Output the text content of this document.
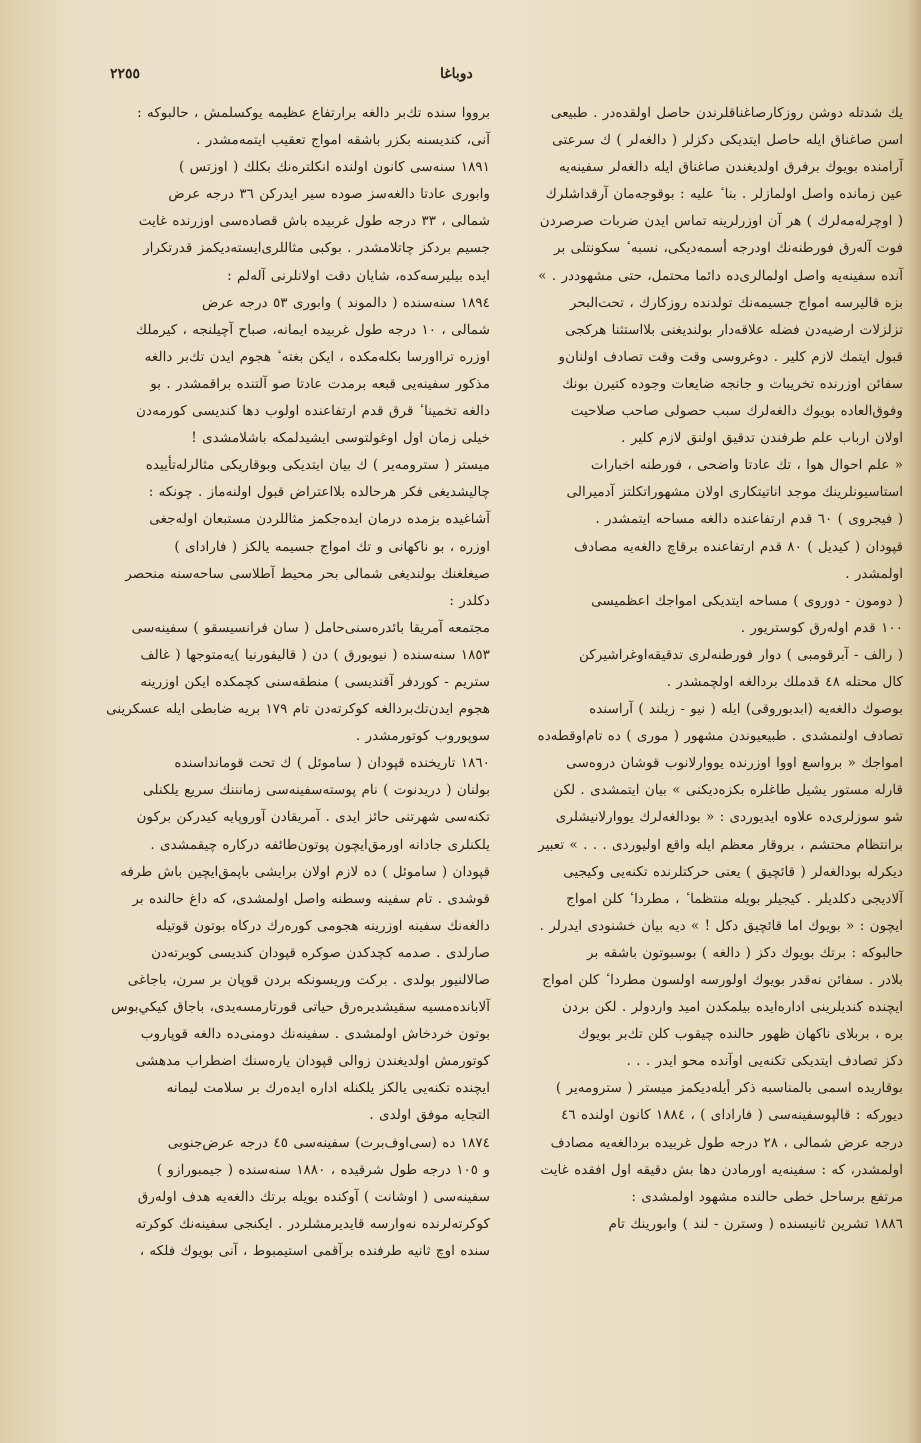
٢٢٥٥	دوباغا

يك شدتله دوشن روزكارصاغناقلرندن حاصل اولقدەدر . طبيعى

اسن صاغناق ايله حاصل ايتديكى دكزلر ( دالغەلر ) ك سرعتى

آرامنده بويوك برفرق اولديغندن صاغناق ايله دالغەلر سفينەيه

عين زمانده واصل اولمازلر . بنا ٔ عليه : بوقوجەمان آرقداشلرك

( اوچرلەمەلرك ) هر آن اوزرلرينه تماس ايدن ضربات صرصردن

فوت آلەرق فورطنەنك اودرجه أسمەديكى، نسبه ٔ سكونتلى بر

آنده سفينەيه واصل اولمالرى‌دە دائما محتمل، حتى مشهوددر . »

بزه قالیرسه امواج جسيمەنك تولدنده روزكارك ، تحت‌البحر

تزلزلات ارضيەدن فضله علاقەدار بولنديغنى بلااستثنا هركجى

قبول ايتمك لازم كلير . دوغروسى وقت وقت تصادف اولنان‌و

سفائن اوزرنده تخريبات و جانجه ضايعات وجوده كتيرن بونك

وفوق‌العاده بويوك دالغەلرك سبب حصولى صاحب صلاحيت

اولان ارباب علم طرفندن تدقيق اولنق لازم كلير .

« علم احوال هوا ، تك عادتا واضحى ، فورطنه اخبارات

استاسيونلرينك موجد اناتيتكارى اولان مشهوراتكلتز آدميرالى

( فيجروى ) ٦٠ قدم ارتفاعنده دالغه مساحه ايتمشدر .

قپودان ( كيديل ) ٨٠ قدم ارتفاعنده برقاچ دالغەيه مصادف

اولمشدر .

( دومون - دوروى ) مساحه ايتديكى امواجك اعظميسى

١٠٠ قدم اولەرق كوستريور .

( رالف - آبرقومبى ) دوار فورطنەلرى تدقيقەاوغراشيركن

كال محتله ٤٨ قدملك بردالغه اولچمشدر .

بوصوك دالغەيه (ابدبوروقى) ايله ( نيو - زيلند ) آراسنده

تصادف اولنمشدى . طبيعيوندن مشهور ( مورى ) ده تام‌اوقطەده

امواجك « برواسع اووا اوزرنده يووارلانوب قوشان دروەسى

قارله مستور يشيل طاغلره بكزەديكنى » بيان ايتمشدى . لكن

شو سوزلرى‌ده علاوه ايديوردى : « بودالغەلرك يووارلانيشلرى

برانتظام محتشم ، بروقار معظم ايله واقع اوليوردى . . . » تعبير

ديكرله بودالغەلر ( قائچيق ) يعنى حركتلرنده تكنەيى وكيجيى

آلاديجى دكلديلر . كيجيلر بويله منتظما ٔ ، مطردا ٔ كلن امواج

ايچون : « بويوك اما قائچيق دكل ! » ديه بيان خشنودى ايدرلر .

حالبوكه : برتك بويوك دكز ( دالغه ) بوسبوتون باشقه بر

بلادر . سفائن نەقدر بويوك اولورسه اولسون مطردا ٔ كلن امواج

ايچنده كنديلرينى ادارەايده بيلمكدن اميد واردولر . لكن بردن

بره ، بربلاى ناكهان ظهور حالنده چيقوب كلن تك‌بر بويوك

دكز تصادف ايتديكى تكنەيى اوآنده محو ايدر . . .

بوقاريده اسمى بالمناسبه ذكر أيلەديكمز ميستر ( سترومه‌ير )

ديوركه : قالپوسفينەسى ( فارادای ) ، ١٨٨٤ كانون اولنده ٤٦

درجه عرض شمالى ، ٢٨ درجه طول غربيده بردالغەيه مصادف

اولمشدر، كه : سفينەيه اورمادن دها بش دقيقه اول افقده غايت

مرتفع برساحل خطى حالنده مشهود اولمشدى :

١٨٨٦ تشرين ثانيسنده ( وسترن - لند ) وابورينك تام

برووا سنده تك‌بر دالغه برارتفاع عظيمه يوكسلمش ، حالبوكه :

آنى، كنديسنه بكزر باشقه امواج تعقيب ايتمەمشدر .

١٨٩١ سنەسى كانون اولنده انكلترەنك بكلك ( اوزتس )

وابورى عادتا دالغەسز صودە سير ايدركن ٣٦ درجه عرض

شمالى ، ٣٣ درجه طول غربيده باش قصادەسى اوزرنده غايت

جسيم بردكز چاتلامشدر . بوكبى مثاللرى‌ايستەديكمز قدرتكرار

ايده بيليرسەكده، شايان دقت اولانلرنى آلەلم :

١٨٩٤ سنەسنده ( دالموند ) وابورى ٥٣ درجه عرض

شمالى ، ١٠ درجه طول غربيده‌ ايمانه، صباح آچيلنجه ، كيرملك

اوزره ترااورسا بكلەمكده ، ايكن بغته ٔ هجوم ايدن تك‌بر دالغه

مذكور سفينەيى قبعه برمدت عادتا صو آلتنده براقمشدر . بو

دالغه تخمينا ٔ قرق قدم ارتفاعنده اولوب دها كنديسى كورمەدن

خيلى زمان اول اوغولتوسى ايشيدلمكه باشلامشدى !

ميستر ( سترومه‌ير ) ك بيان ايتديكى وبوقاريكى مثالرلەتأييده

چاليشديغى فكر هرحالده بلااعتراض قبول اولنەماز . چونكه :

آشاغيده بزمده درمان ايدەجكمز مثاللردن مستبعان اولەجغى

اوزره ، بو ناكهانى و تك امواج جسيمه يالكز ( فارادای )

صيغلغنك بولنديغى شمالى بحر محيط آطلاسى ساحەسنه منحصر

دكلدر :

مجتمعه آمريقا بائدرەسنى‌حامل ( سان فرانسيسقو ) سفينەسى

١٨٥٣ سنەسنده ( نيويورق ) دن ( قاليفورنيا )يەمتوجها ( غالف

ستريم - كوردفر آقنديسى ) منطقەسنى كچمكده ايكن اوزرينه

هجوم ايدن‌تك‌بردالغه كوكرتەدن تام ١٧٩ بريه ضابطى ايله عسكرينى

سوپوروب كوتورمشدر .

١٨٦٠ تاريخنده قپودان ( ساموئل ) ك تحت قومانداسنده

بولنان ( دريدنوت ) نام پوستەسفينەسى زمانننك سريع يلكنلى

تكنەسى شهرتنى حائز ايدى . آمريقادن آوروپايه كيدركن بركون

يلكنلرى جادانه اورمق‌ايچون پوتون‌طائفه دركاره چيقمشدى .

قپودان ( ساموئل ) ده لازم اولان برايشى باپمق‌ايچين باش طرفه

قوشدى . تام سفينه وسطنه واصل اولمشدى، كه داغ حالنده بر

دالغەنك سفينه اوزرينه هجومى كورەرك دركاه بوتون قوتيله

صارلدى . صدمه كچدكدن صوكره قپودان كنديسى كويرتەدن

صالالنيور بولدى . بركت وريسونكه بردن قوپان بر سرن، باجاغى

آلابانده‌مسيه سقيشديرەرق حياتى قورتارمسەيدى، باجاق كيكي‌بوس

بوتون خردخاش اولمشدى . سفينەنك دومنى‌ده دالغه قوپاروب

كوتورمش اولديغندن زوالى قپودان يارەسنك اضطراب مدهشى

ايچنده تكنەيى يالكز يلكنله اداره ايدەرك بر سلامت ليمانه

التجايه موفق اولدى .

١٨٧٤ ده (سى‌اوف‌برت) سفينەسى ٤٥ درجه عرض‌جنوبى

و ١٠٥ درجه طول شرقيده ، ١٨٨٠ سنەسنده ( جيمبورازو )

سفينەسى ( اوشانت ) آوكنده بويله برتك دالغەيه هدف اولەرق

كوكرتەلرنده نەوارسه قايديرمشلردر . ايكنجى سفينەنك كوكرته

سنده اوچ ثانيه طرفنده برآقمى استيمبوط ، آنى بويوك فلكه ،
